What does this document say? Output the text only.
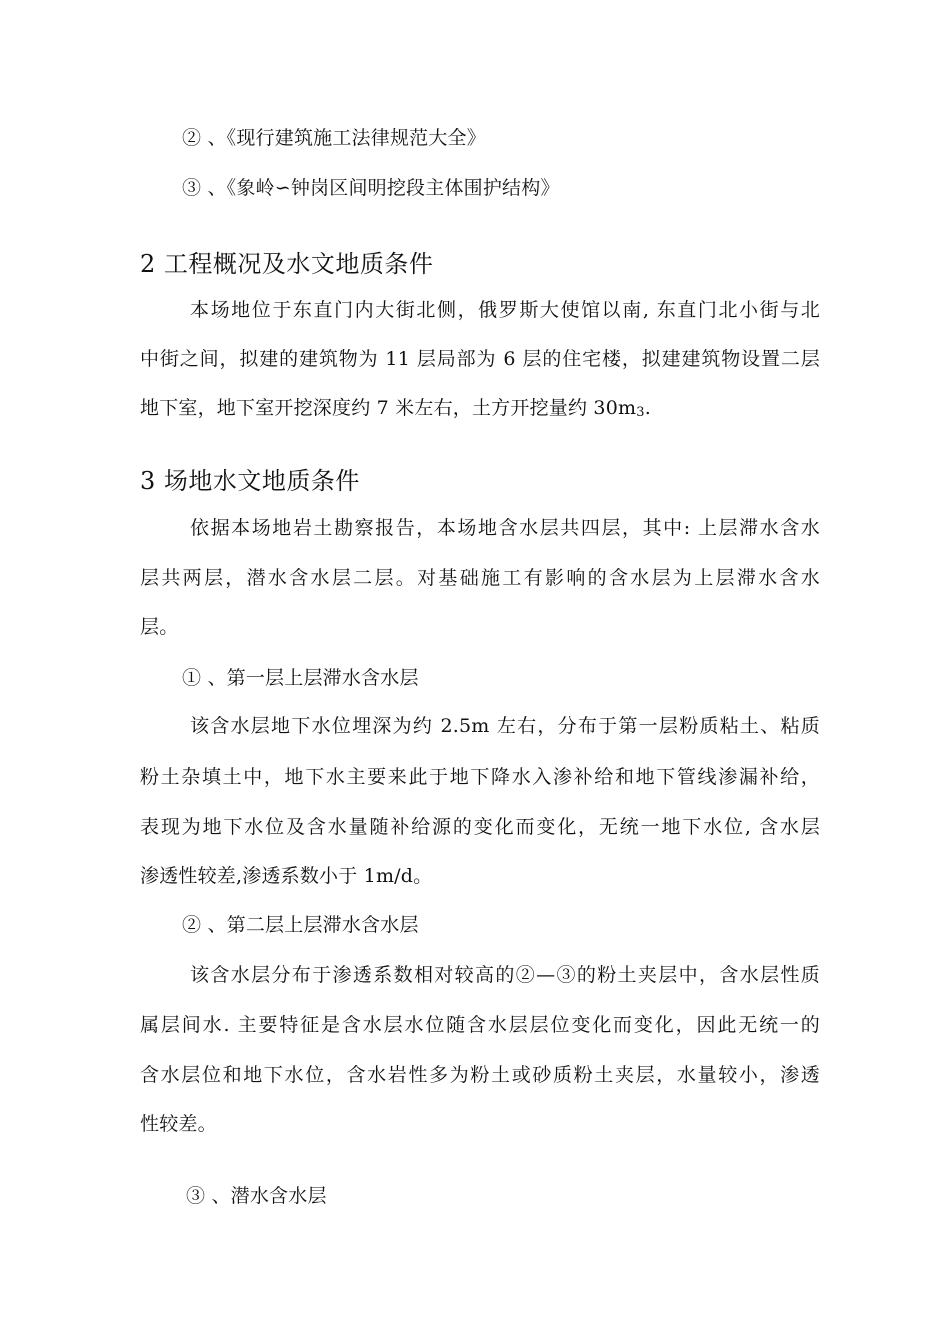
② 、《现行建筑施工法律规范大全》
③ 、《象岭∽钟岗区间明挖段主体围护结构》
2 工程概况及水文地质条件
本场地位于东直门内大街北侧，俄罗斯大使馆以南, 东直门北小街与北
中街之间，拟建的建筑物为 11 层局部为 6 层的住宅楼，拟建建筑物设置二层
地下室，地下室开挖深度约 7 米左右，土方开挖量约 30m3.
3 场地水文地质条件
依据本场地岩土勘察报告，本场地含水层共四层，其中: 上层滞水含水
层共两层，潜水含水层二层。对基础施工有影响的含水层为上层滞水含水
层。
① 、第一层上层滞水含水层
该含水层地下水位埋深为约 2.5m 左右，分布于第一层粉质粘土、粘质
粉土杂填土中，地下水主要来此于地下降水入渗补给和地下管线渗漏补给，
表现为地下水位及含水量随补给源的变化而变化，无统一地下水位, 含水层
渗透性较差,渗透系数小于 1m/d。
② 、第二层上层滞水含水层
该含水层分布于渗透系数相对较高的②—③的粉土夹层中，含水层性质
属层间水. 主要特征是含水层水位随含水层层位变化而变化，因此无统一的
含水层位和地下水位，含水岩性多为粉土或砂质粉土夹层，水量较小，渗透
性较差。
③ 、潜水含水层
